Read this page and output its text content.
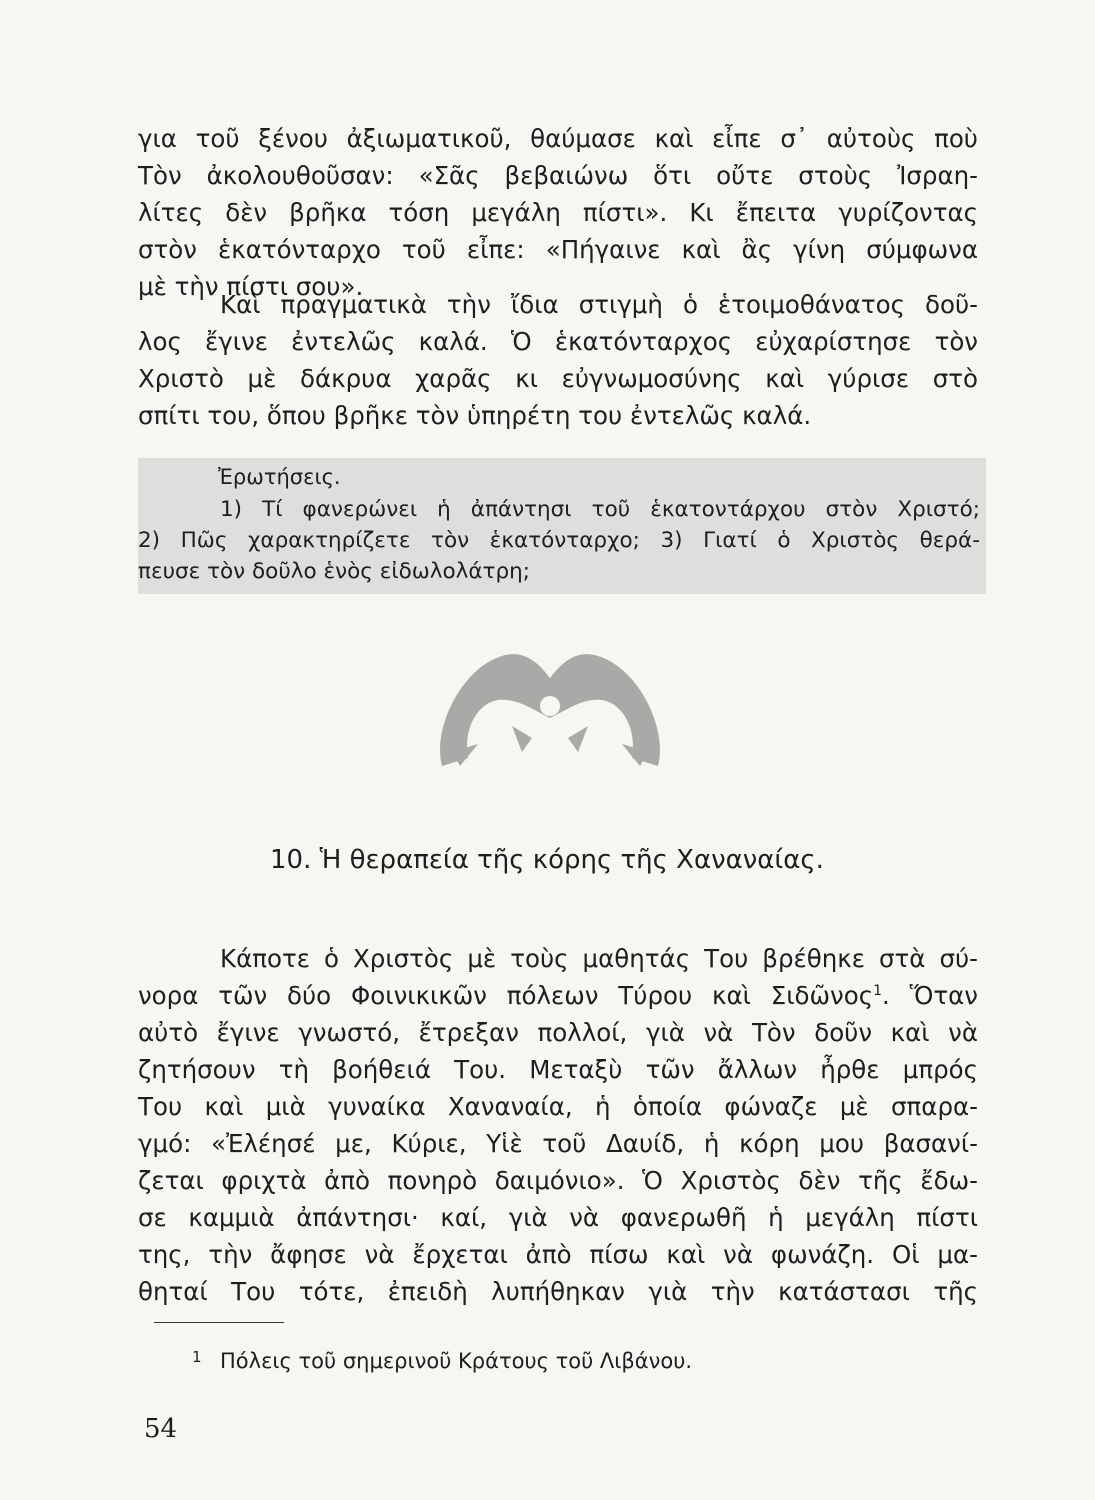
για τοῦ ξένου ἀξιωματικοῦ, θαύμασε καὶ εἶπε σ᾽ αὐτοὺς ποὺ
Τὸν ἀκολουθοῦσαν: «Σᾶς βεβαιώνω ὅτι οὔτε στοὺς Ἰσραη-
λίτες δὲν βρῆκα τόση μεγάλη πίστι». Κι ἔπειτα γυρίζοντας
στὸν ἑκατόνταρχο τοῦ εἶπε: «Πήγαινε καὶ ἂς γίνη σύμφωνα
μὲ τὴν πίστι σου».
Καὶ πραγματικὰ τὴν ἴδια στιγμὴ ὁ ἑτοιμοθάνατος δοῦ-
λος ἔγινε ἐντελῶς καλά. Ὁ ἑκατόνταρχος εὐχαρίστησε τὸν
Χριστὸ μὲ δάκρυα χαρᾶς κι εὐγνωμοσύνης καὶ γύρισε στὸ
σπίτι του, ὅπου βρῆκε τὸν ὑπηρέτη του ἐντελῶς καλά.

Ἐρωτήσεις.

1) Τί φανερώνει ἡ ἀπάντησι τοῦ ἑκατοντάρχου στὸν Χριστό;
2) Πῶς χαρακτηρίζετε τὸν ἑκατόνταρχο; 3) Γιατί ὁ Χριστὸς θερά-
πευσε τὸν δοῦλο ἑνὸς εἰδωλολάτρη;
10. Ἡ θεραπεία τῆς κόρης τῆς Χαναναίας.
Κάποτε ὁ Χριστὸς μὲ τοὺς μαθητάς Του βρέθηκε στὰ σύ-
νορα τῶν δύο Φοινικικῶν πόλεων Τύρου καὶ Σιδῶνος$^1$. Ὅταν
αὐτὸ ἔγινε γνωστό, ἔτρεξαν πολλοί, γιὰ νὰ Τὸν δοῦν καὶ νὰ
ζητήσουν τὴ βοήθειά Του. Μεταξὺ τῶν ἄλλων ἦρθε μπρός
Του καὶ μιὰ γυναίκα Χαναναία, ἡ ὁποία φώναζε μὲ σπαρα-
γμό: «Ἐλέησέ με, Κύριε, Υἱὲ τοῦ Δαυίδ, ἡ κόρη μου βασανί-
ζεται φριχτὰ ἀπὸ πονηρὸ δαιμόνιο». Ὁ Χριστὸς δὲν τῆς ἔδω-
σε καμμιὰ ἀπάντησι· καί, γιὰ νὰ φανερωθῆ ἡ μεγάλη πίστι
της, τὴν ἄφησε νὰ ἔρχεται ἀπὸ πίσω καὶ νὰ φωνάζη. Οἱ μα-
θηταί Του τότε, ἐπειδὴ λυπήθηκαν γιὰ τὴν κατάστασι τῆς

1 Πόλεις τοῦ σημερινοῦ Κράτους τοῦ Λιβάνου.

54
